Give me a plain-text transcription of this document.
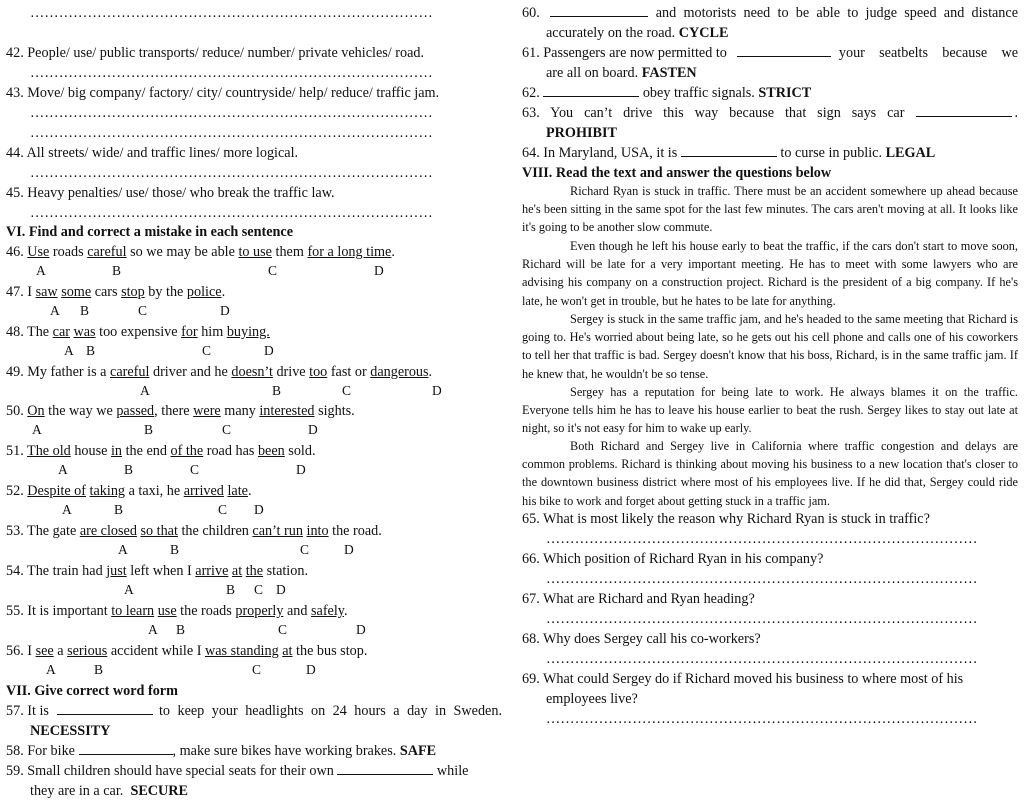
…………………………………………………………………………
42. People/ use/ public transports/ reduce/ number/ private vehicles/ road.
…………………………………………………………………………
43. Move/ big company/ factory/ city/ countryside/ help/ reduce/ traffic jam.
…………………………………………………………………………
…………………………………………………………………………
44. All streets/ wide/ and traffic lines/ more logical.
…………………………………………………………………………
45. Heavy penalties/ use/ those/ who break the traffic law.
…………………………………………………………………………
VI. Find and correct a mistake in each sentence
46. Use roads careful so we may be able to use them for a long time.
A	B	C	D
47. I saw some cars stop by the police.
A B	C	D
48. The car was too expensive for him buying.
A B	C	D
49. My father is a careful driver and he doesn’t drive too fast or dangerous.
A	B	C	D
50. On the way we passed, there were many interested sights.
A	B	C	D
51. The old house in the end of the road has been sold.
A	B	C	D
52. Despite of taking a taxi, he arrived late.
A	B	C D
53. The gate are closed so that the children can’t run into the road.
A	B	C	D
54. The train had just left when I arrive at the station.
A	B C D
55. It is important to learn use the roads properly and safely.
A B	C	D
56. I see a serious accident while I was standing at the bus stop.
A	B	C	D
VII. Give correct word form
57. It is	to keep your headlights on 24 hours a day in Sweden.
NECESSITY
58. For bike	, make sure bikes have working brakes. SAFE
59. Small children should have special seats for their own	while
they are in a car. SECURE
60.	and motorists need to be able to judge speed and distance
accurately on the road. CYCLE
61. Passengers are now permitted to	your seatbelts because we
are all on board. FASTEN
62.	obey traffic signals. STRICT
63. You can’t drive this way because that sign says car	.
PROHIBIT
64. In Maryland, USA, it is	to curse in public. LEGAL
VIII. Read the text and answer the questions below
Richard Ryan is stuck in traffic. There must be an accident somewhere up ahead because he's been sitting in the same spot for the last few minutes. The cars aren't moving at all. It looks like it's going to be another slow commute.
Even though he left his house early to beat the traffic, if the cars don't start to move soon, Richard will be late for a very important meeting. He has to meet with some lawyers who are advising his company on a construction project. Richard is the president of a big company. If he's late, he won't get in trouble, but he hates to be late for anything.
Sergey is stuck in the same traffic jam, and he's headed to the same meeting that Richard is going to. He's worried about being late, so he gets out his cell phone and calls one of his coworkers to tell her that traffic is bad. Sergey doesn't know that his boss, Richard, is in the same traffic jam. If he knew that, he wouldn't be so tense.
Sergey has a reputation for being late to work. He always blames it on the traffic. Everyone tells him he has to leave his house earlier to beat the rush. Sergey likes to stay out late at night, so it's not easy for him to wake up early.
Both Richard and Sergey live in California where traffic congestion and delays are common problems. Richard is thinking about moving his business to a new location that's closer to the downtown business district where most of his employees live. If he did that, Sergey could ride his bike to work and forget about getting stuck in a traffic jam.
65. What is most likely the reason why Richard Ryan is stuck in traffic?
………………………………………………………………………………
66. Which position of Richard Ryan in his company?
………………………………………………………………………………
67. What are Richard and Ryan heading?
………………………………………………………………………………
68. Why does Sergey call his co-workers?
………………………………………………………………………………
69. What could Sergey do if Richard moved his business to where most of his
employees live?
………………………………………………………………………………
